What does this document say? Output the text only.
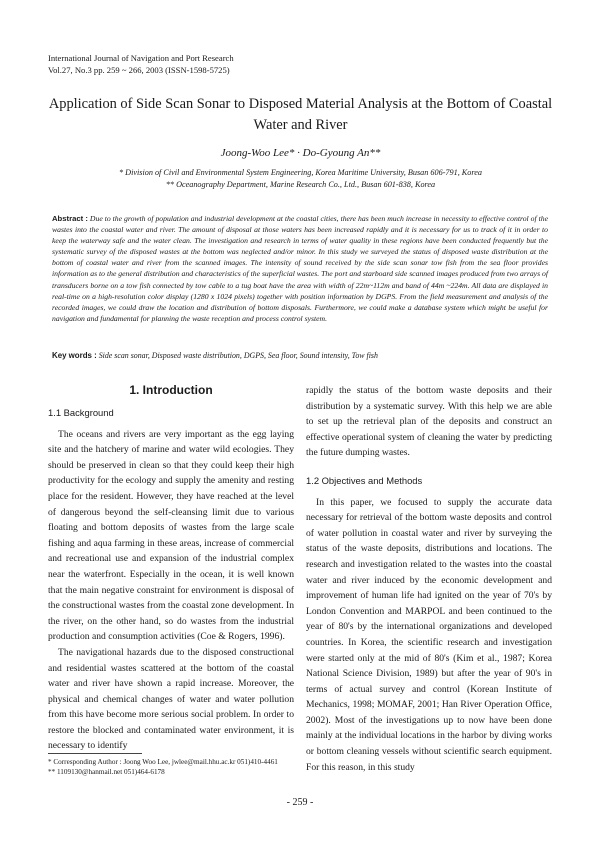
International Journal of Navigation and Port Research
Vol.27, No.3 pp. 259 ~ 266, 2003 (ISSN-1598-5725)
Application of Side Scan Sonar to Disposed Material Analysis at the Bottom of Coastal Water and River
Joong-Woo Lee* · Do-Gyoung An**
* Division of Civil and Environmental System Engineering, Korea Maritime University, Busan 606-791, Korea
** Oceanography Department, Marine Research Co., Ltd., Busan 601-838, Korea
Abstract : Due to the growth of population and industrial development at the coastal cities, there has been much increase in necessity to effective control of the wastes into the coastal water and river. The amount of disposal at those waters has been increased rapidly and it is necessary for us to track of it in order to keep the waterway safe and the water clean. The investigation and research in terms of water quality in these regions have been conducted frequently but the systematic survey of the disposed wastes at the bottom was neglected and/or minor. In this study we surveyed the status of disposed waste distribution at the bottom of coastal water and river from the scanned images. The intensity of sound received by the side scan sonar tow fish from the sea floor provides information as to the general distribution and characteristics of the superficial wastes. The port and starboard side scanned images produced from two arrays of transducers borne on a tow fish connected by tow cable to a tug boat have the area with width of 22m~112m and band of 44m ~224m. All data are displayed in real-time on a high-resolution color display (1280 x 1024 pixels) together with position information by DGPS. From the field measurement and analysis of the recorded images, we could draw the location and distribution of bottom disposals. Furthermore, we could make a database system which might be useful for navigation and fundamental for planning the waste reception and process control system.
Key words : Side scan sonar, Disposed waste distribution, DGPS, Sea floor, Sound intensity, Tow fish
1. Introduction
1.1 Background

The oceans and rivers are very important as the egg laying site and the hatchery of marine and water wild ecologies. They should be preserved in clean so that they could keep their high productivity for the ecology and supply the amenity and resting place for the resident. However, they have reached at the level of dangerous beyond the self-cleansing limit due to various floating and bottom deposits of wastes from the large scale fishing and aqua farming in these areas, increase of commercial and recreational use and expansion of the industrial complex near the waterfront. Especially in the ocean, it is well known that the main negative constraint for environment is disposal of the constructional wastes from the coastal zone development. In the river, on the other hand, so do wastes from the industrial production and consumption activities (Coe & Rogers, 1996).

The navigational hazards due to the disposed constructional and residential wastes scattered at the bottom of the coastal water and river have shown a rapid increase. Moreover, the physical and chemical changes of water and water pollution from this have become more serious social problem. In order to restore the blocked and contaminated water environment, it is necessary to identify

rapidly the status of the bottom waste deposits and their distribution by a systematic survey. With this help we are able to set up the retrieval plan of the deposits and construct an effective operational system of cleaning the water by predicting the future dumping wastes.

1.2 Objectives and Methods

In this paper, we focused to supply the accurate data necessary for retrieval of the bottom waste deposits and control of water pollution in coastal water and river by surveying the status of the waste deposits, distributions and locations. The research and investigation related to the wastes into the coastal water and river induced by the economic development and improvement of human life had ignited on the year of 70's by London Convention and MARPOL and been continued to the year of 80's by the international organizations and developed countries. In Korea, the scientific research and investigation were started only at the mid of 80's (Kim et al., 1987; Korea National Science Division, 1989) but after the year of 90's in terms of actual survey and control (Korean Institute of Mechanics, 1998; MOMAF, 2001; Han River Operation Office, 2002). Most of the investigations up to now have been done mainly at the individual locations in the harbor by diving works or bottom cleaning vessels without scientific search equipment. For this reason, in this study

* Corresponding Author : Joong Woo Lee, jwlee@mail.hhu.ac.kr 051)410-4461
** 1109130@hanmail.net 051)464-6178
- 259 -
